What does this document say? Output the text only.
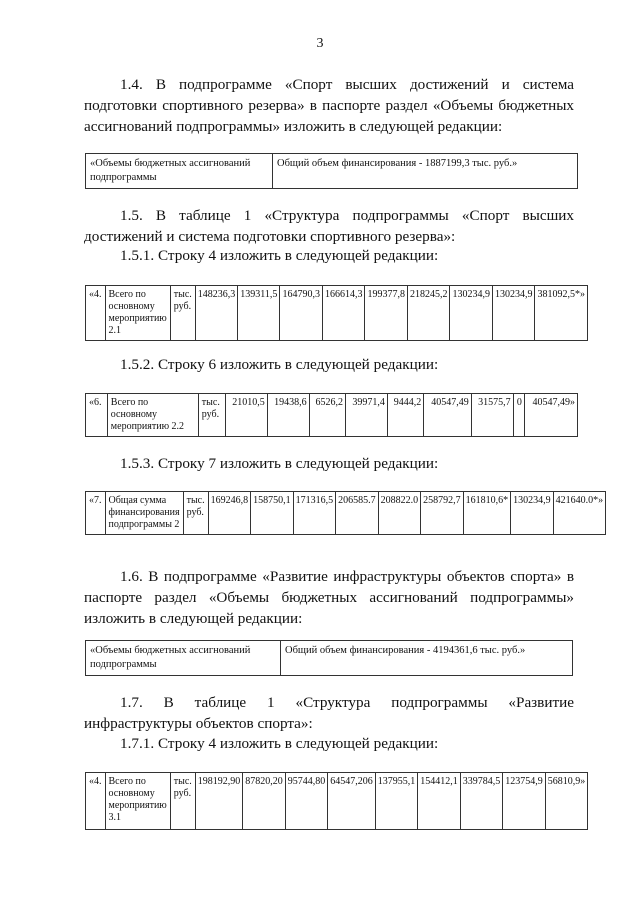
3
1.4. В подпрограмме «Спорт высших достижений и система подготовки спортивного резерва» в паспорте раздел «Объемы бюджетных ассигнований подпрограммы» изложить в следующей редакции:
«Объемы бюджетных ассигнований подпрограммы	Общий объем финансирования - 1887199,3 тыс. руб.»
1.5. В таблице 1 «Структура подпрограммы «Спорт высших достижений и система подготовки спортивного резерва»:
1.5.1. Строку 4 изложить в следующей редакции:
«4.	Всего по основному мероприятию 2.1	тыс. руб.	148236,3	139311,5	164790,3	166614,3	199377,8	218245,2	130234,9	130234,9	381092,5*»
1.5.2. Строку 6 изложить в следующей редакции:
«6.	Всего по основному мероприятию 2.2	тыс. руб.	21010,5	19438,6	6526,2	39971,4	9444,2	40547,49	31575,7	0	40547,49»
1.5.3. Строку 7 изложить в следующей редакции:
«7.	Общая сумма финансирования подпрограммы 2	тыс. руб.	169246,8	158750,1	171316,5	206585.7	208822.0	258792,7	161810,6*	130234,9	421640.0*»
1.6. В подпрограмме «Развитие инфраструктуры объектов спорта» в паспорте раздел «Объемы бюджетных ассигнований подпрограммы» изложить в следующей редакции:
«Объемы бюджетных ассигнований подпрограммы	Общий объем финансирования - 4194361,6 тыс. руб.»
1.7. В таблице 1 «Структура подпрограммы «Развитие инфраструктуры объектов спорта»:
1.7.1. Строку 4 изложить в следующей редакции:
«4.	Всего по основному мероприятию 3.1	тыс. руб.	198192,90	87820,20	95744,80	64547,206	137955,1	154412,1	339784,5	123754,9	56810,9»
